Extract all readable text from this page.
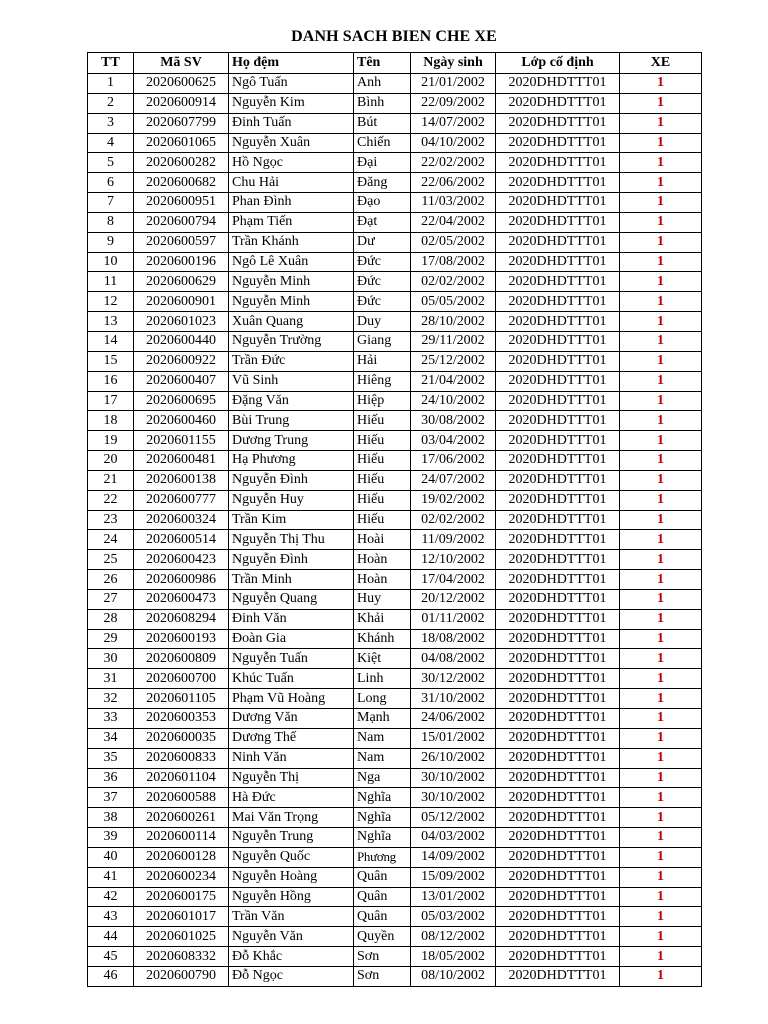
DANH SACH BIEN CHE XE
TT	Mã SV	Họ đệm	Tên	Ngày sinh	Lớp cố định	XE
1	2020600625	Ngô Tuấn	Anh	21/01/2002	2020DHDTTT01	1
2	2020600914	Nguyễn Kim	Bình	22/09/2002	2020DHDTTT01	1
3	2020607799	Đinh Tuấn	Bút	14/07/2002	2020DHDTTT01	1
4	2020601065	Nguyễn Xuân	Chiến	04/10/2002	2020DHDTTT01	1
5	2020600282	Hồ Ngọc	Đại	22/02/2002	2020DHDTTT01	1
6	2020600682	Chu Hải	Đăng	22/06/2002	2020DHDTTT01	1
7	2020600951	Phan Đình	Đạo	11/03/2002	2020DHDTTT01	1
8	2020600794	Phạm Tiến	Đạt	22/04/2002	2020DHDTTT01	1
9	2020600597	Trần Khánh	Dư	02/05/2002	2020DHDTTT01	1
10	2020600196	Ngô Lê Xuân	Đức	17/08/2002	2020DHDTTT01	1
11	2020600629	Nguyễn Minh	Đức	02/02/2002	2020DHDTTT01	1
12	2020600901	Nguyễn Minh	Đức	05/05/2002	2020DHDTTT01	1
13	2020601023	Xuân Quang	Duy	28/10/2002	2020DHDTTT01	1
14	2020600440	Nguyễn Trường	Giang	29/11/2002	2020DHDTTT01	1
15	2020600922	Trần Đức	Hải	25/12/2002	2020DHDTTT01	1
16	2020600407	Vũ Sinh	Hiêng	21/04/2002	2020DHDTTT01	1
17	2020600695	Đặng Văn	Hiệp	24/10/2002	2020DHDTTT01	1
18	2020600460	Bùi Trung	Hiếu	30/08/2002	2020DHDTTT01	1
19	2020601155	Dương Trung	Hiếu	03/04/2002	2020DHDTTT01	1
20	2020600481	Hạ Phương	Hiếu	17/06/2002	2020DHDTTT01	1
21	2020600138	Nguyễn Đình	Hiếu	24/07/2002	2020DHDTTT01	1
22	2020600777	Nguyễn Huy	Hiếu	19/02/2002	2020DHDTTT01	1
23	2020600324	Trần Kim	Hiếu	02/02/2002	2020DHDTTT01	1
24	2020600514	Nguyễn Thị Thu	Hoài	11/09/2002	2020DHDTTT01	1
25	2020600423	Nguyễn Đình	Hoàn	12/10/2002	2020DHDTTT01	1
26	2020600986	Trần Minh	Hoàn	17/04/2002	2020DHDTTT01	1
27	2020600473	Nguyễn Quang	Huy	20/12/2002	2020DHDTTT01	1
28	2020608294	Đinh Văn	Khải	01/11/2002	2020DHDTTT01	1
29	2020600193	Đoàn Gia	Khánh	18/08/2002	2020DHDTTT01	1
30	2020600809	Nguyễn Tuấn	Kiệt	04/08/2002	2020DHDTTT01	1
31	2020600700	Khúc Tuấn	Linh	30/12/2002	2020DHDTTT01	1
32	2020601105	Phạm Vũ Hoàng	Long	31/10/2002	2020DHDTTT01	1
33	2020600353	Dương Văn	Mạnh	24/06/2002	2020DHDTTT01	1
34	2020600035	Dương Thế	Nam	15/01/2002	2020DHDTTT01	1
35	2020600833	Ninh Văn	Nam	26/10/2002	2020DHDTTT01	1
36	2020601104	Nguyễn Thị	Nga	30/10/2002	2020DHDTTT01	1
37	2020600588	Hà Đức	Nghĩa	30/10/2002	2020DHDTTT01	1
38	2020600261	Mai Văn Trọng	Nghĩa	05/12/2002	2020DHDTTT01	1
39	2020600114	Nguyễn Trung	Nghĩa	04/03/2002	2020DHDTTT01	1
40	2020600128	Nguyễn Quốc	Phương	14/09/2002	2020DHDTTT01	1
41	2020600234	Nguyễn Hoàng	Quân	15/09/2002	2020DHDTTT01	1
42	2020600175	Nguyễn Hồng	Quân	13/01/2002	2020DHDTTT01	1
43	2020601017	Trần Văn	Quân	05/03/2002	2020DHDTTT01	1
44	2020601025	Nguyễn Văn	Quyền	08/12/2002	2020DHDTTT01	1
45	2020608332	Đỗ Khắc	Sơn	18/05/2002	2020DHDTTT01	1
46	2020600790	Đỗ Ngọc	Sơn	08/10/2002	2020DHDTTT01	1
